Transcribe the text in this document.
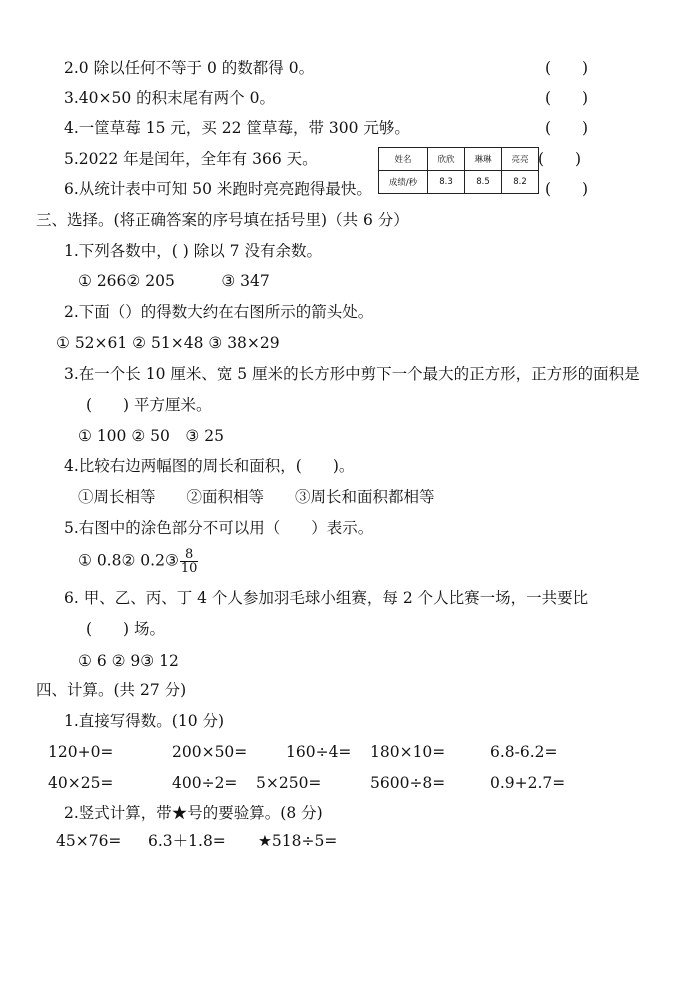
2.0 除以任何不等于 0 的数都得 0。	(　　)
3.40×50 的积末尾有两个 0。	(　　)
4.一筐草莓 15 元，买 22 筐草莓，带 300 元够。	(　　)
5.2022 年是闰年，全年有 366 天。	(　　)
6.从统计表中可知 50 米跑时亮亮跑得最快。	(　　)
姓名	欣欣	琳琳	亮亮
成绩/秒	8.3	8.5	8.2
三、选择。(将正确答案的序号填在括号里)（共 6 分）
1.下列各数中，( ) 除以 7 没有余数。
① 266② 205　　　③ 347
2.下面（）的得数大约在右图所示的箭头处。
① 52×61 ② 51×48 ③ 38×29
3.在一个长 10 厘米、宽 5 厘米的长方形中剪下一个最大的正方形，正方形的面积是
(　　) 平方厘米。
① 100 ② 50　③ 25
4.比较右边两幅图的周长和面积，(　　)。
①周长相等　　②面积相等　　③周长和面积都相等
5.右图中的涂色部分不可以用（　　）表示。
① 0.8② 0.2③ $\frac{8}{10}$
6. 甲、乙、丙、丁 4 个人参加羽毛球小组赛，每 2 个人比赛一场，一共要比
(　　) 场。
① 6 ② 9③ 12
四、计算。(共 27 分)
1.直接写得数。(10 分)
120+0=	200×50= 160÷4= 180×10=	6.8-6.2=
40×25=	400÷2= 5×250=	5600÷8=	0.9+2.7=
2.竖式计算，带★号的要验算。(8 分)
45×76= 6.3＋1.8= ★518÷5=
